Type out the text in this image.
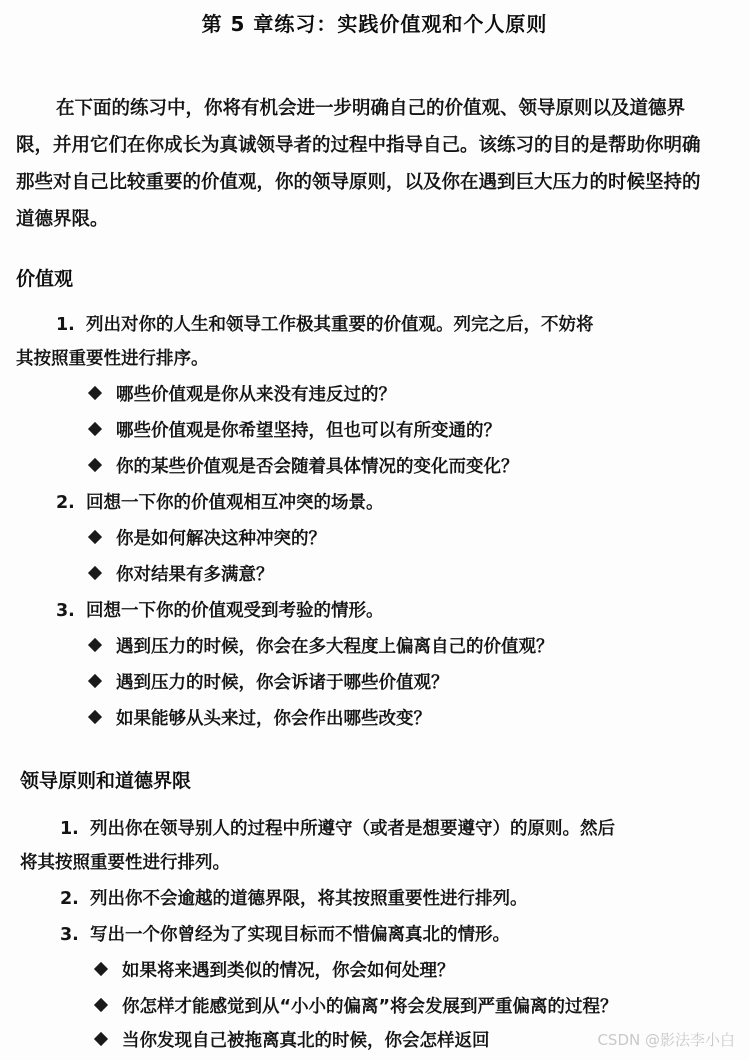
第 5 章练习：实践价值观和个人原则
在下面的练习中，你将有机会进一步明确自己的价值观、领导原则以及道德界限，并用它们在你成长为真诚领导者的过程中指导自己。该练习的目的是帮助你明确那些对自己比较重要的价值观，你的领导原则，以及你在遇到巨大压力的时候坚持的道德界限。
价值观
1. 列出对你的人生和领导工作极其重要的价值观。列完之后，不妨将
其按照重要性进行排序。
哪些价值观是你从来没有违反过的？
哪些价值观是你希望坚持，但也可以有所变通的？
你的某些价值观是否会随着具体情况的变化而变化？
2. 回想一下你的价值观相互冲突的场景。
你是如何解决这种冲突的？
你对结果有多满意？
3. 回想一下你的价值观受到考验的情形。
遇到压力的时候，你会在多大程度上偏离自己的价值观？
遇到压力的时候，你会诉诸于哪些价值观？
如果能够从头来过，你会作出哪些改变？
领导原则和道德界限
1. 列出你在领导别人的过程中所遵守（或者是想要遵守）的原则。然后
将其按照重要性进行排列。
2. 列出你不会逾越的道德界限，将其按照重要性进行排列。
3. 写出一个你曾经为了实现目标而不惜偏离真北的情形。
如果将来遇到类似的情况，你会如何处理？
你怎样才能感觉到从“小小的偏离”将会发展到严重偏离的过程？
当你发现自己被拖离真北的时候，你会怎样返回	CSDN @影法李小白
